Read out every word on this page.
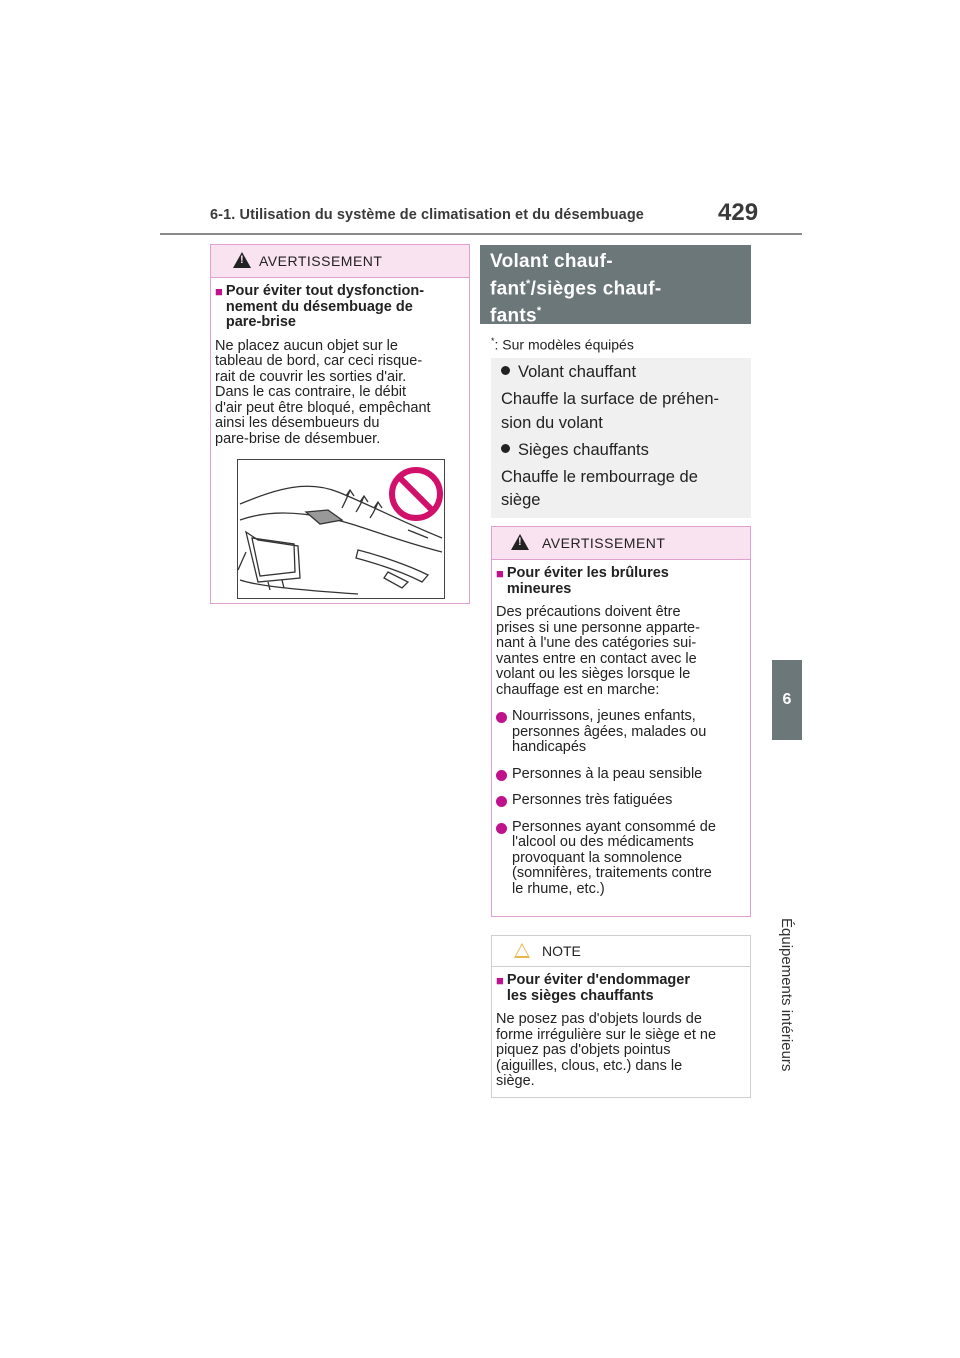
6-1. Utilisation du système de climatisation et du désembuage	429
6
Équipements intérieurs
!
AVERTISSEMENT
■ Pour éviter tout dysfonction-
nement du désembuage de
pare-brise
Ne placez aucun objet sur le
tableau de bord, car ceci risque-
rait de couvrir les sorties d'air.
Dans le cas contraire, le débit
d'air peut être bloqué, empêchant
ainsi les désembueurs du
pare-brise de désembuer.
Volant chauf-
fant*/sièges chauf-
fants*
*: Sur modèles équipés
Volant chauffant
Chauffe la surface de préhen-
sion du volant
Sièges chauffants
Chauffe le rembourrage de
siège
!
AVERTISSEMENT
■ Pour éviter les brûlures
mineures
Des précautions doivent être
prises si une personne apparte-
nant à l'une des catégories sui-
vantes entre en contact avec le
volant ou les sièges lorsque le
chauffage est en marche:
Nourrissons, jeunes enfants,
personnes âgées, malades ou
handicapés
Personnes à la peau sensible
Personnes très fatiguées
Personnes ayant consommé de
l'alcool ou des médicaments
provoquant la somnolence
(somnifères, traitements contre
le rhume, etc.)
NOTE
■ Pour éviter d'endommager
les sièges chauffants
Ne posez pas d'objets lourds de
forme irrégulière sur le siège et ne
piquez pas d'objets pointus
(aiguilles, clous, etc.) dans le
siège.
